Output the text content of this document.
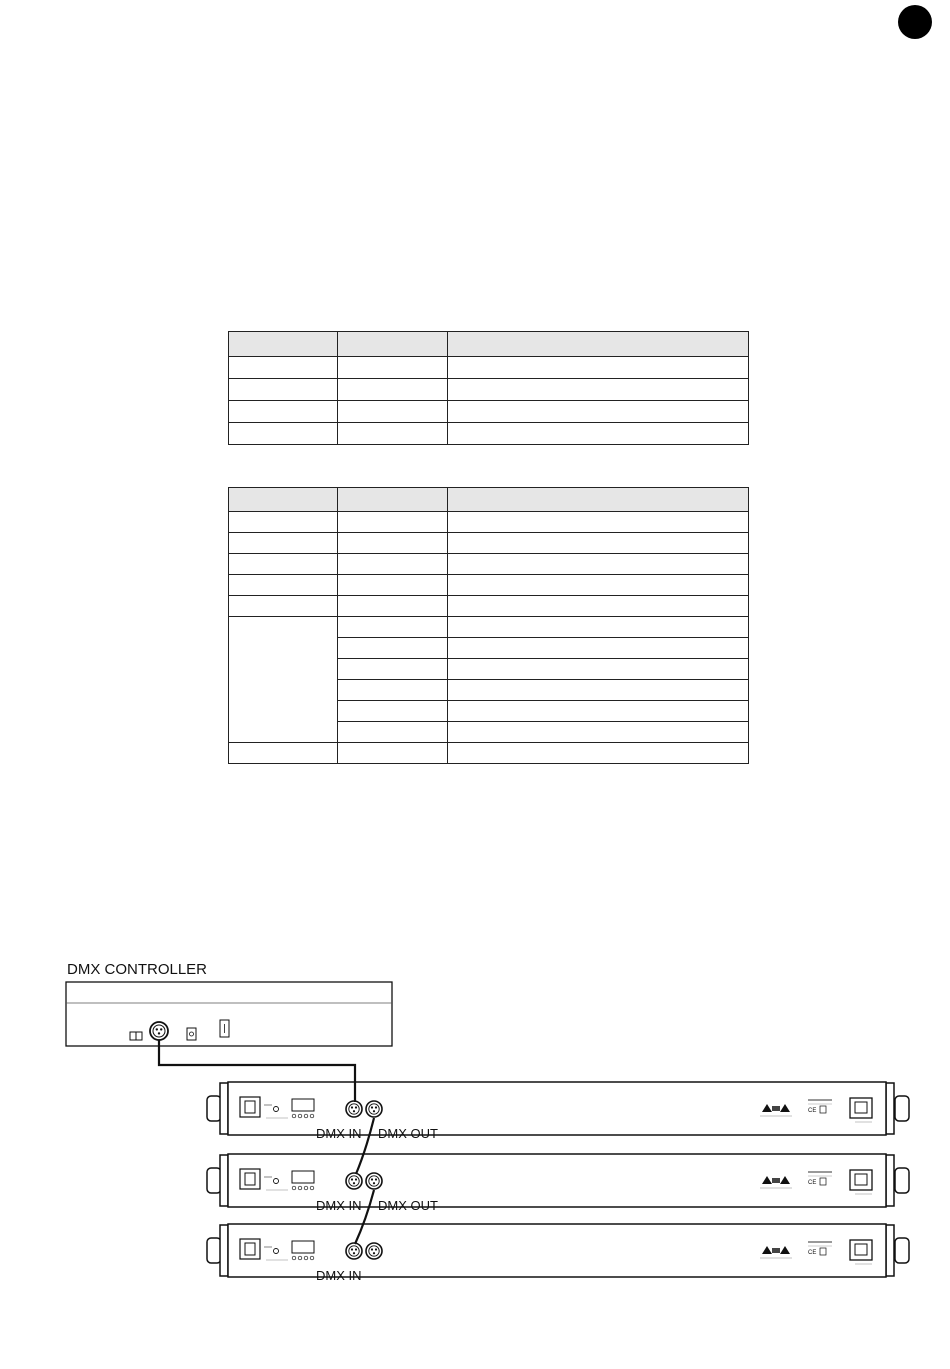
CE
DMX CONTROLLER
DMX IN DMX OUT
DMX IN DMX OUT
DMX IN
